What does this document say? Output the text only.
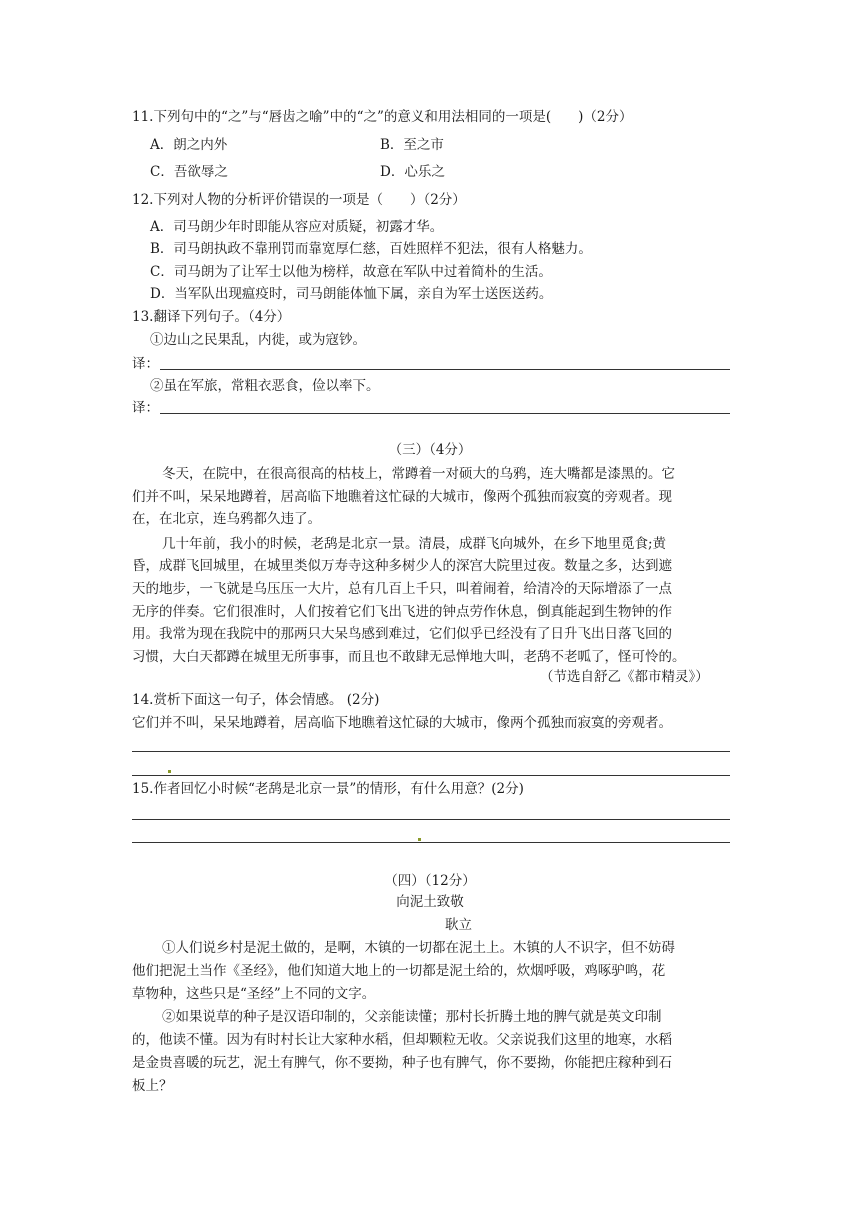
11.下列句中的“之”与“唇齿之喻”中的“之”的意义和用法相同的一项是(　　)（2分）
A．朗之内外	B．至之市
C．吾欲辱之	D．心乐之
12.下列对人物的分析评价错误的一项是（　　）（2分）
A．司马朗少年时即能从容应对质疑，初露才华。
B．司马朗执政不靠刑罚而靠宽厚仁慈，百姓照样不犯法，很有人格魅力。
C．司马朗为了让军士以他为榜样，故意在军队中过着简朴的生活。
D．当军队出现瘟疫时，司马朗能体恤下属，亲自为军士送医送药。
13.翻译下列句子。（4分）
①边山之民果乱，内徙，或为寇钞。
译：
②虽在军旅，常粗衣恶食，俭以率下。
译：
（三）（4分）
冬天，在院中，在很高很高的枯枝上，常蹲着一对硕大的乌鸦，连大嘴都是漆黑的。它
们并不叫，呆呆地蹲着，居高临下地瞧着这忙碌的大城市，像两个孤独而寂寞的旁观者。现
在，在北京，连乌鸦都久违了。
几十年前，我小的时候，老鸹是北京一景。清晨，成群飞向城外，在乡下地里觅食;黄
昏，成群飞回城里，在城里类似万寿寺这种多树少人的深宫大院里过夜。数量之多，达到遮
天的地步，一飞就是乌压压一大片，总有几百上千只，叫着闹着，给清冷的天际增添了一点
无序的伴奏。它们很准时，人们按着它们飞出飞进的钟点劳作休息，倒真能起到生物钟的作
用。我常为现在我院中的那两只大呆鸟感到难过，它们似乎已经没有了日升飞出日落飞回的
习惯，大白天都蹲在城里无所事事，而且也不敢肆无忌惮地大叫，老鸹不老呱了，怪可怜的。
（节选自舒乙《都市精灵》）
14.赏析下面这一句子，体会情感。 (2分)
它们并不叫，呆呆地蹲着，居高临下地瞧着这忙碌的大城市，像两个孤独而寂寞的旁观者。
15.作者回忆小时候“老鸹是北京一景”的情形，有什么用意？(2分)
（四）（12分）
向泥土致敬
耿立
①人们说乡村是泥土做的，是啊，木镇的一切都在泥土上。木镇的人不识字，但不妨碍
他们把泥土当作《圣经》，他们知道大地上的一切都是泥土给的，炊烟呼吸，鸡啄驴鸣，花
草物种，这些只是“圣经”上不同的文字。
②如果说草的种子是汉语印制的，父亲能读懂；那村长折腾土地的脾气就是英文印制
的，他读不懂。因为有时村长让大家种水稻，但却颗粒无收。父亲说我们这里的地寒，水稻
是金贵喜暖的玩艺，泥土有脾气，你不要拗，种子也有脾气，你不要拗，你能把庄稼种到石
板上？
